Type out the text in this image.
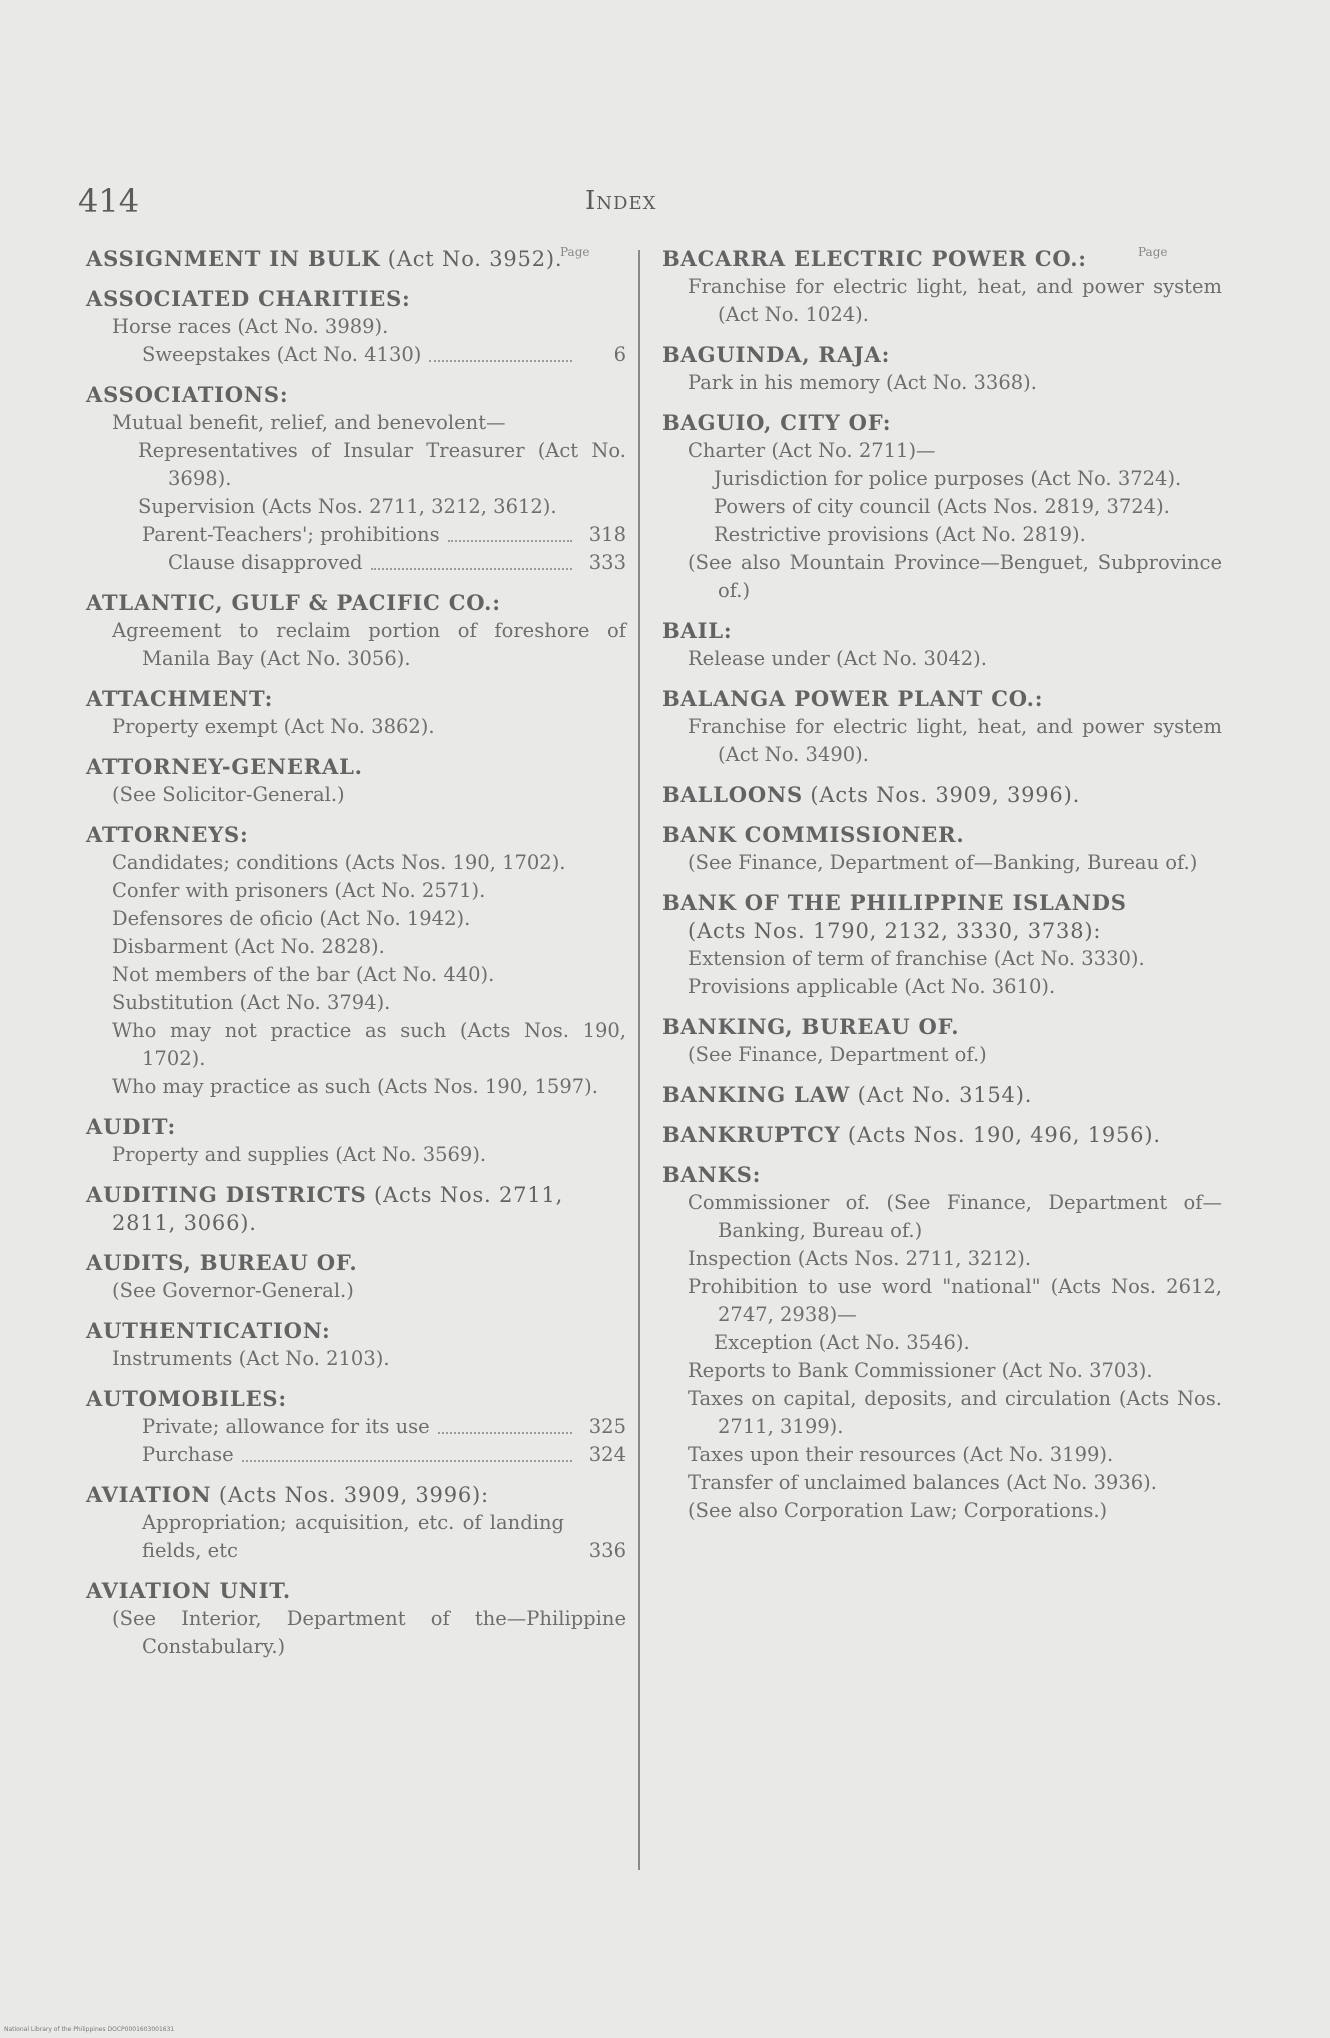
414	Index
Page	Page
ASSIGNMENT IN BULK (Act No. 3952).
ASSOCIATED CHARITIES:
Horse races (Act No. 3989).
Sweepstakes (Act No. 4130)	6
ASSOCIATIONS:
Mutual benefit, relief, and benevolent—
Representatives of Insular Treasurer (Act No. 3698).
Supervision (Acts Nos. 2711, 3212, 3612).
Parent-Teachers'; prohibitions	318
Clause disapproved	333
ATLANTIC, GULF & PACIFIC CO.:
Agreement to reclaim portion of foreshore of Manila Bay (Act No. 3056).
ATTACHMENT:
Property exempt (Act No. 3862).
ATTORNEY-GENERAL.
(See Solicitor-General.)
ATTORNEYS:
Candidates; conditions (Acts Nos. 190, 1702).
Confer with prisoners (Act No. 2571).
Defensores de oficio (Act No. 1942).
Disbarment (Act No. 2828).
Not members of the bar (Act No. 440).
Substitution (Act No. 3794).
Who may not practice as such (Acts Nos. 190, 1702).
Who may practice as such (Acts Nos. 190, 1597).
AUDIT:
Property and supplies (Act No. 3569).
AUDITING DISTRICTS (Acts Nos. 2711, 2811, 3066).
AUDITS, BUREAU OF.
(See Governor-General.)
AUTHENTICATION:
Instruments (Act No. 2103).
AUTOMOBILES:
Private; allowance for its use	325
Purchase	324
AVIATION (Acts Nos. 3909, 3996):
Appropriation; acquisition, etc. of landing fields, etc	336
AVIATION UNIT.
(See Interior, Department of the—Philippine Constabulary.)
BACARRA ELECTRIC POWER CO.:
Franchise for electric light, heat, and power system (Act No. 1024).
BAGUINDA, RAJA:
Park in his memory (Act No. 3368).
BAGUIO, CITY OF:
Charter (Act No. 2711)—
Jurisdiction for police purposes (Act No. 3724).
Powers of city council (Acts Nos. 2819, 3724).
Restrictive provisions (Act No. 2819).
(See also Mountain Province—Benguet, Subprovince of.)
BAIL:
Release under (Act No. 3042).
BALANGA POWER PLANT CO.:
Franchise for electric light, heat, and power system (Act No. 3490).
BALLOONS (Acts Nos. 3909, 3996).
BANK COMMISSIONER.
(See Finance, Department of—Banking, Bureau of.)
BANK OF THE PHILIPPINE ISLANDS (Acts Nos. 1790, 2132, 3330, 3738):
Extension of term of franchise (Act No. 3330).
Provisions applicable (Act No. 3610).
BANKING, BUREAU OF.
(See Finance, Department of.)
BANKING LAW (Act No. 3154).
BANKRUPTCY (Acts Nos. 190, 496, 1956).
BANKS:
Commissioner of. (See Finance, Department of—Banking, Bureau of.)
Inspection (Acts Nos. 2711, 3212).
Prohibition to use word "national" (Acts Nos. 2612, 2747, 2938)—
Exception (Act No. 3546).
Reports to Bank Commissioner (Act No. 3703).
Taxes on capital, deposits, and circulation (Acts Nos. 2711, 3199).
Taxes upon their resources (Act No. 3199).
Transfer of unclaimed balances (Act No. 3936).
(See also Corporation Law; Corporations.)
National Library of the Philippines DOCP0001603001631
